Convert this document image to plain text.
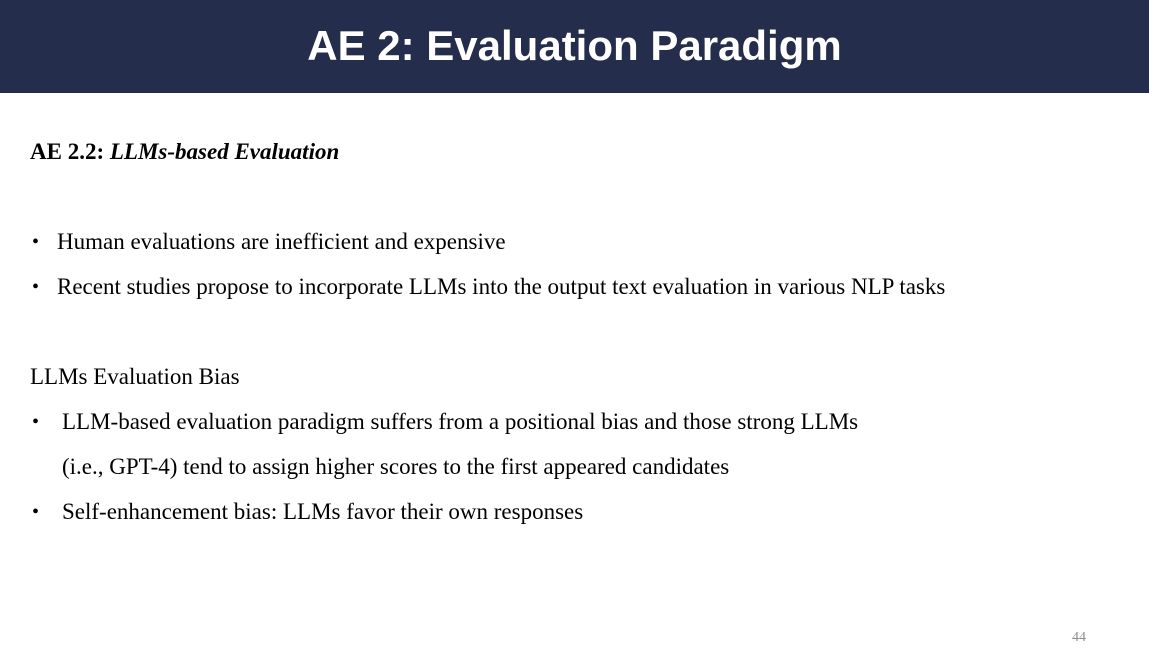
AE 2: Evaluation Paradigm
AE 2.2: LLMs-based Evaluation
• Human evaluations are inefficient and expensive
• Recent studies propose to incorporate LLMs into the output text evaluation in various NLP tasks
LLMs Evaluation Bias
• LLM-based evaluation paradigm suffers from a positional bias and those strong LLMs
(i.e., GPT-4) tend to assign higher scores to the first appeared candidates
• Self-enhancement bias: LLMs favor their own responses
44
